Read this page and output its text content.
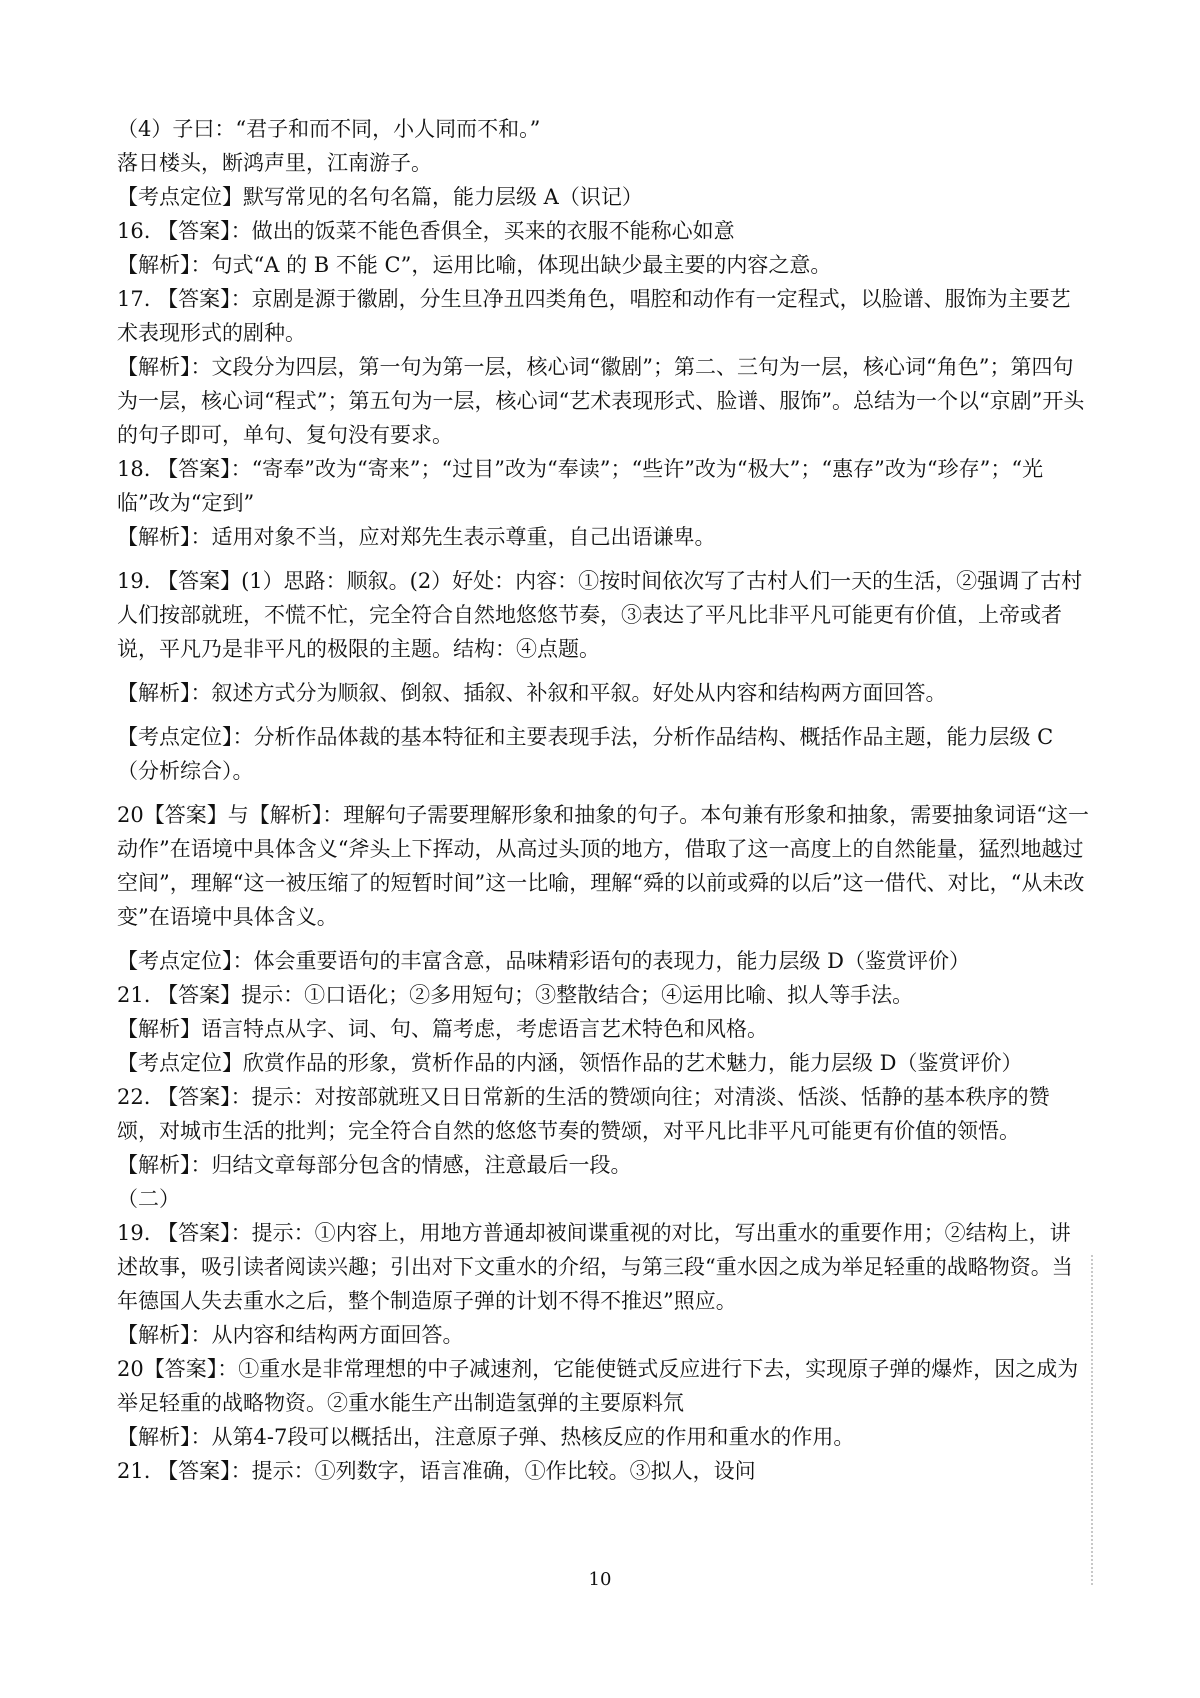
（4）子曰：“君子和而不同，小人同而不和。”

落日楼头，断鸿声里，江南游子。

【考点定位】默写常见的名句名篇，能力层级 A（识记）

16. 【答案】：做出的饭菜不能色香俱全，买来的衣服不能称心如意

【解析】：句式“A 的 B 不能 C”，运用比喻，体现出缺少最主要的内容之意。

17. 【答案】：京剧是源于徽剧，分生旦净丑四类角色，唱腔和动作有一定程式，以脸谱、服饰为主要艺术表现形式的剧种。

【解析】：文段分为四层，第一句为第一层，核心词“徽剧”；第二、三句为一层，核心词“角色”；第四句为一层，核心词“程式”；第五句为一层，核心词“艺术表现形式、脸谱、服饰”。总结为一个以“京剧”开头的句子即可，单句、复句没有要求。

18. 【答案】：“寄奉”改为“寄来”；“过目”改为“奉读”；“些许”改为“极大”；“惠存”改为“珍存”；“光临”改为“定到”

【解析】：适用对象不当，应对郑先生表示尊重，自己出语谦卑。

19. 【答案】(1）思路：顺叙。(2）好处：内容：①按时间依次写了古村人们一天的生活，②强调了古村人们按部就班，不慌不忙，完全符合自然地悠悠节奏，③表达了平凡比非平凡可能更有价值，上帝或者说，平凡乃是非平凡的极限的主题。结构：④点题。

【解析】：叙述方式分为顺叙、倒叙、插叙、补叙和平叙。好处从内容和结构两方面回答。

【考点定位】：分析作品体裁的基本特征和主要表现手法，分析作品结构、概括作品主题，能力层级 C（分析综合）。

20【答案】与【解析】：理解句子需要理解形象和抽象的句子。本句兼有形象和抽象，需要抽象词语“这一动作”在语境中具体含义“斧头上下挥动，从高过头顶的地方，借取了这一高度上的自然能量，猛烈地越过空间”，理解“这一被压缩了的短暂时间”这一比喻，理解“舜的以前或舜的以后”这一借代、对比，“从未改变”在语境中具体含义。

【考点定位】：体会重要语句的丰富含意，品味精彩语句的表现力，能力层级 D（鉴赏评价）

21. 【答案】提示：①口语化；②多用短句；③整散结合；④运用比喻、拟人等手法。

【解析】语言特点从字、词、句、篇考虑，考虑语言艺术特色和风格。

【考点定位】欣赏作品的形象，赏析作品的内涵，领悟作品的艺术魅力，能力层级 D（鉴赏评价）

22. 【答案】：提示：对按部就班又日日常新的生活的赞颂向往；对清淡、恬淡、恬静的基本秩序的赞颂，对城市生活的批判；完全符合自然的悠悠节奏的赞颂，对平凡比非平凡可能更有价值的领悟。

【解析】：归结文章每部分包含的情感，注意最后一段。

（二）

19. 【答案】：提示：①内容上，用地方普通却被间谍重视的对比，写出重水的重要作用；②结构上，讲述故事，吸引读者阅读兴趣；引出对下文重水的介绍，与第三段“重水因之成为举足轻重的战略物资。当年德国人失去重水之后，整个制造原子弹的计划不得不推迟”照应。

【解析】：从内容和结构两方面回答。

20【答案】：①重水是非常理想的中子减速剂，它能使链式反应进行下去，实现原子弹的爆炸，因之成为举足轻重的战略物资。②重水能生产出制造氢弹的主要原料氘

【解析】：从第4-7段可以概括出，注意原子弹、热核反应的作用和重水的作用。

21. 【答案】：提示：①列数字，语言准确，①作比较。③拟人，设问

10
